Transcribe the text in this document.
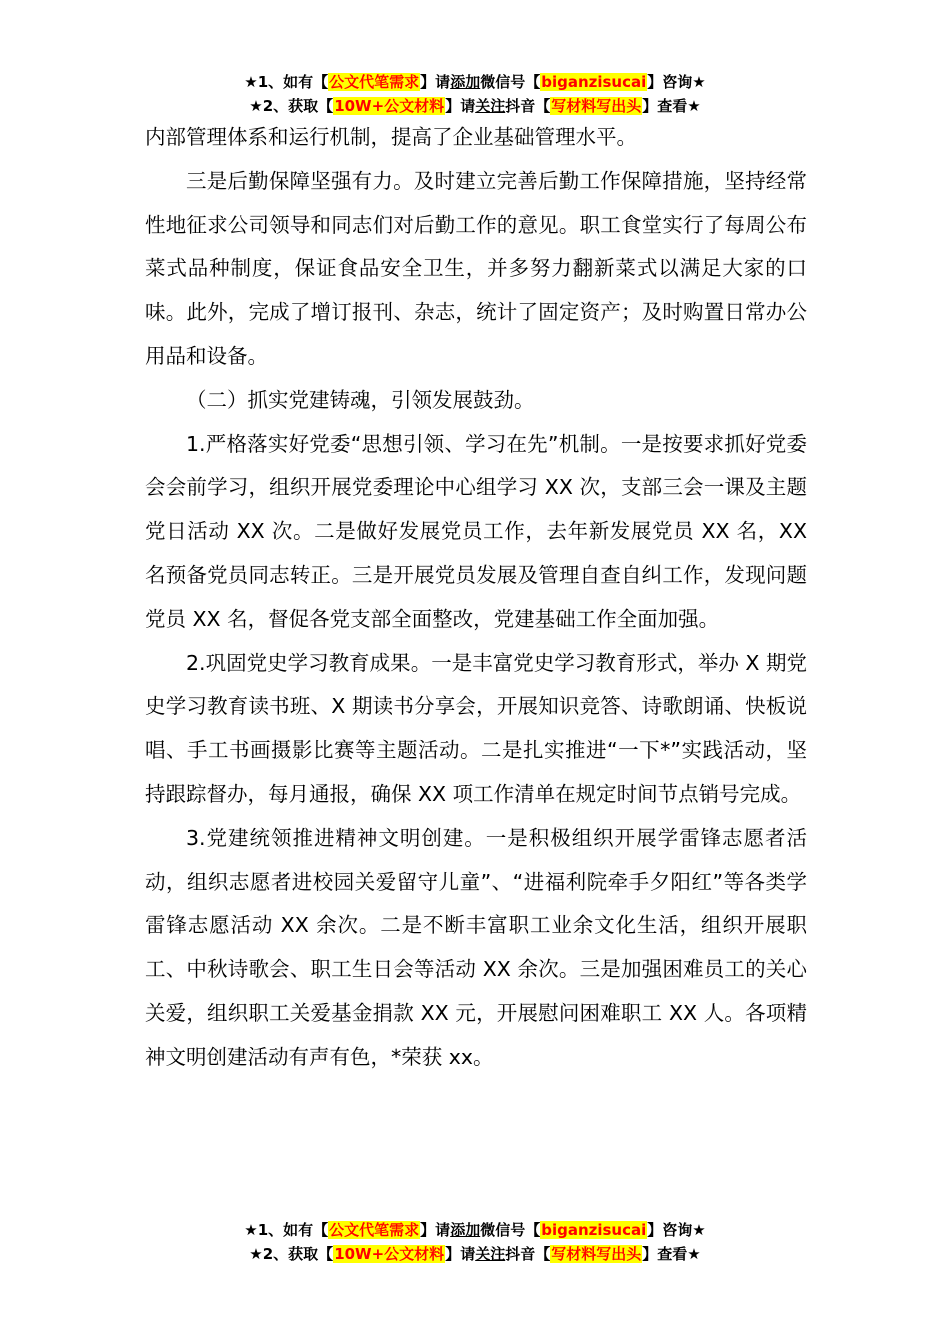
★1、如有【公文代笔需求】请添加微信号【biganzisucai】咨询★
★2、获取【10W+公文材料】请关注抖音【写材料写出头】查看★

内部管理体系和运行机制，提高了企业基础管理水平。

三是后勤保障坚强有力。及时建立完善后勤工作保障措施，坚持经常性地征求公司领导和同志们对后勤工作的意见。职工食堂实行了每周公布菜式品种制度，保证食品安全卫生，并多努力翻新菜式以满足大家的口味。此外，完成了增订报刊、杂志，统计了固定资产；及时购置日常办公用品和设备。

（二）抓实党建铸魂，引领发展鼓劲。

1.严格落实好党委“思想引领、学习在先”机制。一是按要求抓好党委会会前学习，组织开展党委理论中心组学习 XX 次，支部三会一课及主题党日活动 XX 次。二是做好发展党员工作，去年新发展党员 XX 名，XX 名预备党员同志转正。三是开展党员发展及管理自查自纠工作，发现问题党员 XX 名，督促各党支部全面整改，党建基础工作全面加强。

2.巩固党史学习教育成果。一是丰富党史学习教育形式，举办 X 期党史学习教育读书班、X 期读书分享会，开展知识竞答、诗歌朗诵、快板说唱、手工书画摄影比赛等主题活动。二是扎实推进“一下*”实践活动，坚持跟踪督办，每月通报，确保 XX 项工作清单在规定时间节点销号完成。

3.党建统领推进精神文明创建。一是积极组织开展学雷锋志愿者活动，组织志愿者进校园关爱留守儿童”、“进福利院牵手夕阳红”等各类学雷锋志愿活动 XX 余次。二是不断丰富职工业余文化生活，组织开展职工、中秋诗歌会、职工生日会等活动 XX 余次。三是加强困难员工的关心关爱，组织职工关爱基金捐款 XX 元，开展慰问困难职工 XX 人。各项精神文明创建活动有声有色，*荣获 xx。

★1、如有【公文代笔需求】请添加微信号【biganzisucai】咨询★
★2、获取【10W+公文材料】请关注抖音【写材料写出头】查看★
